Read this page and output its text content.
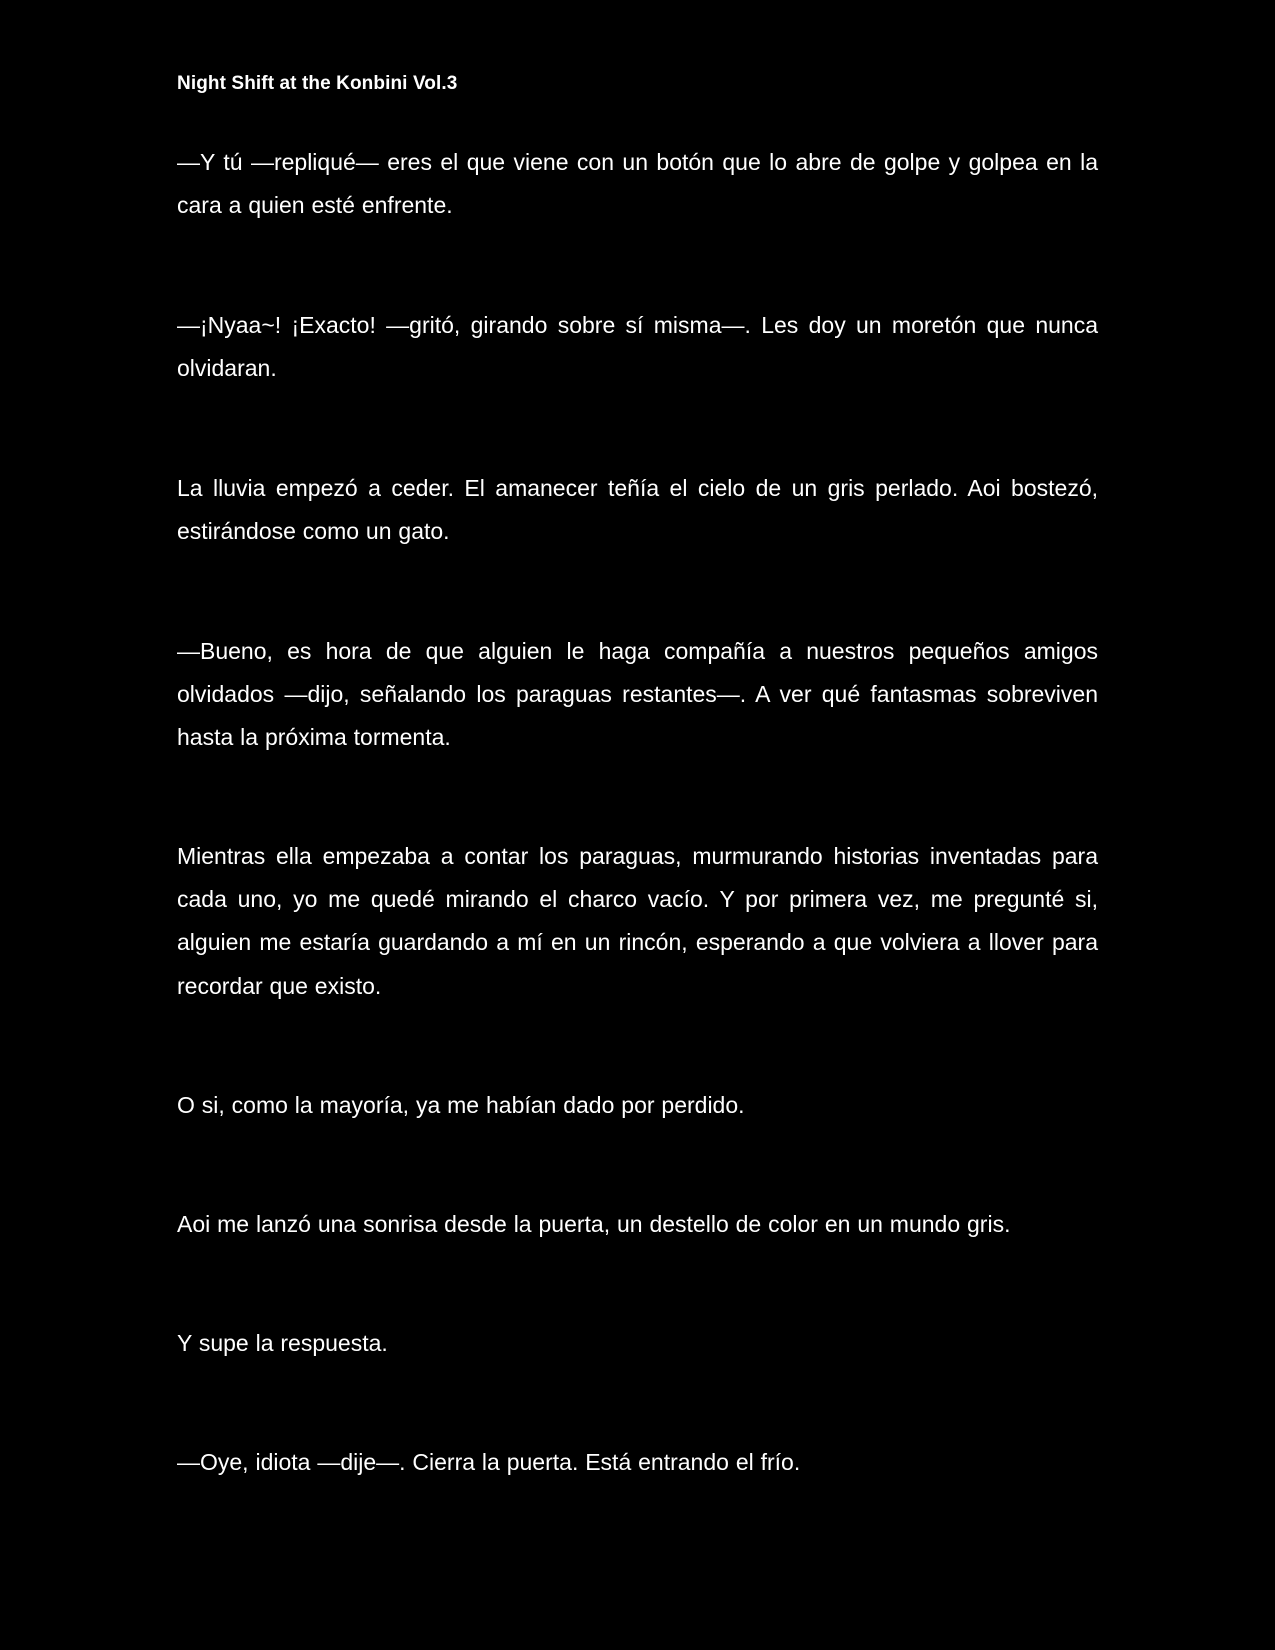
Night Shift at the Konbini Vol.3

—Y tú —repliqué— eres el que viene con un botón que lo abre de golpe y golpea en la cara a quien esté enfrente.

—¡Nyaa~! ¡Exacto! —gritó, girando sobre sí misma—. Les doy un moretón que nunca olvidaran.

La lluvia empezó a ceder. El amanecer teñía el cielo de un gris perlado. Aoi bostezó, estirándose como un gato.

—Bueno, es hora de que alguien le haga compañía a nuestros pequeños amigos olvidados —dijo, señalando los paraguas restantes—. A ver qué fantasmas sobreviven hasta la próxima tormenta.

Mientras ella empezaba a contar los paraguas, murmurando historias inventadas para cada uno, yo me quedé mirando el charco vacío. Y por primera vez, me pregunté si, alguien me estaría guardando a mí en un rincón, esperando a que volviera a llover para recordar que existo.

O si, como la mayoría, ya me habían dado por perdido.

Aoi me lanzó una sonrisa desde la puerta, un destello de color en un mundo gris.

Y supe la respuesta.

—Oye, idiota —dije—. Cierra la puerta. Está entrando el frío.
